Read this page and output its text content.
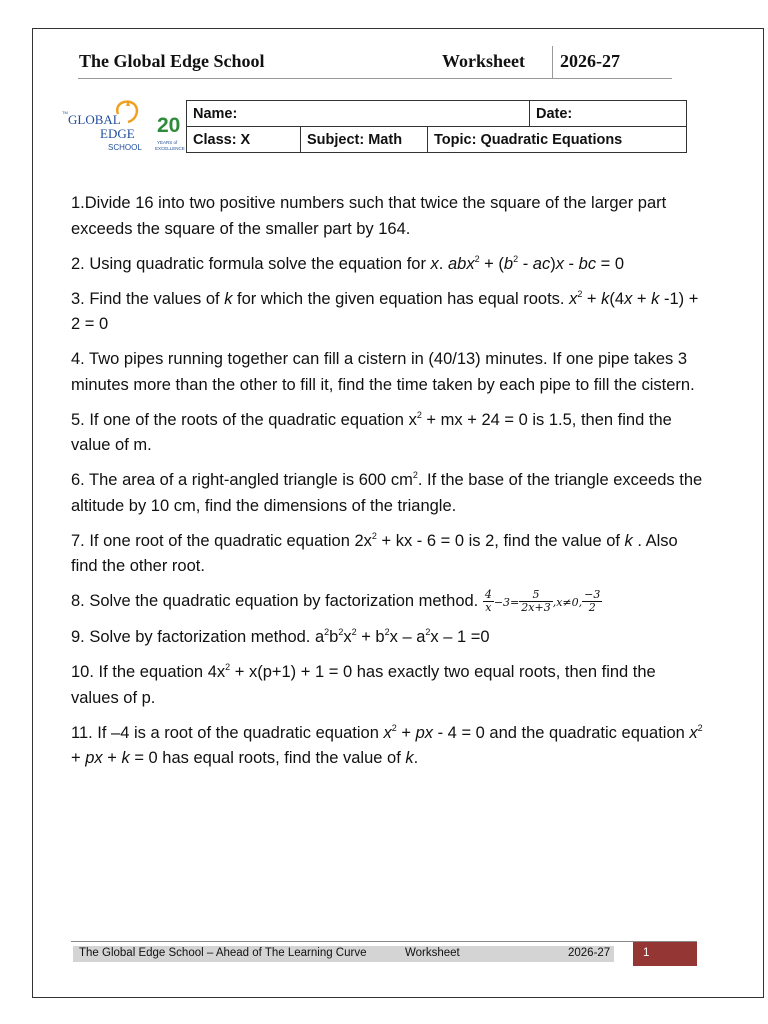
The Global Edge School	Worksheet 2026-27
TM GLOBAL
EDGE
SCHOOL
20
YEARS of
EXCELLENCE
Name:			Date:
Class: X	Subject: Math	Topic: Quadratic Equations	

1.Divide 16 into two positive numbers such that twice the square of the larger part exceeds the square of the smaller part by 164.

2. Using quadratic formula solve the equation for x. $abx^2 + (b^2 - ac)x$ - bc = 0

3. Find the values of k for which the given equation has equal roots. $x^2 + k(4x + k$ -1) + 2 = 0

4. Two pipes running together can fill a cistern in (40/13) minutes. If one pipe takes 3 minutes more than the other to fill it, find the time taken by each pipe to fill the cistern.

5. If one of the roots of the quadratic equation $x^2$ + mx + 24 = 0 is 1.5, then find the value of m.

6. The area of a right-angled triangle is 600 $cm^2$. If the base of the triangle exceeds the altitude by 10 cm, find the dimensions of the triangle.

7. If one root of the quadratic equation $2x^2$ + kx - 6 = 0 is 2, find the value of k . Also find the other root.

8. Solve the quadratic equation by factorization method. $\frac{4}{x} -3= \frac{5}{2x+3} ,x\ne 0$, $\frac{-3}{2}$

9. Solve by factorization method. $a^2b^2x^2 + b^2x - a^2x - 1 =0$

10. If the equation $4x^2 + x(p+1) + 1 = 0$ has exactly two equal roots, then find the values of p.

11. If –4 is a root of the quadratic equation $x^2$ + px - 4 = 0 and the quadratic equation $x^2$ + px + k = 0 has equal roots, find the value of k.

The Global Edge School – Ahead of The Learning Curve	Worksheet	2026-27	1
